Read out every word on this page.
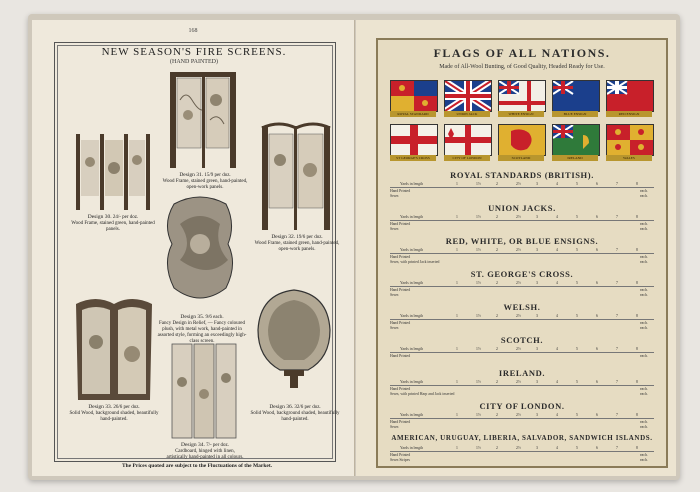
168
NEW SEASON'S FIRE SCREENS.
(HAND PAINTED)
Design 31. 15/9 per doz.
Wood Frame, stained green, hand-painted, open-work panels.
Design 30. 24/- per doz.
Wood Frame, stained green, hand-painted panels.
Design 32. 19/6 per doz.
Wood Frame, stained green, hand-painted, open-work panels.
Design 35. 9/6 each.
Fancy Design in Relief, — Fancy coloured plush, with metal work, hand-painted in assorted style, forming an exceedingly high-class screen.
Design 33. 26/6 per doz.
Solid Wood, background shaded, beautifully hand-painted.
Design 34. 7/- per doz.
Cardboard, hinged with linen, artistically hand-painted in all colours.
Design 36. 32/6 per doz.
Solid Wood, background shaded, beautifully hand-painted.
The Prices quoted are subject to the Fluctuations of the Market.
FLAGS OF ALL NATIONS.
Made of All-Wool Bunting, of Good Quality, Headed Ready for Use.
ROYAL STANDARD	UNION JACK	WHITE ENSIGN	BLUE ENSIGN	RED ENSIGN
ST GEORGE'S CROSS	CITY OF LONDON	SCOTLAND	IRELAND	WALES
ROYAL STANDARDS (BRITISH).
Yards in length	1	1½	2	2½	3	4	5	6	7	8
Hand Printed	each.
Sewn	each.
UNION JACKS.
Yards in length	1	1½	2	2½	3	4	5	6	7	8
Hand Printed	each.
Sewn	each.
RED, WHITE, OR BLUE ENSIGNS.
Yards in length	1	1½	2	2½	3	4	5	6	7	8
Hand Printed	each.
Sewn, with printed Jack inserted	each.
ST. GEORGE'S CROSS.
Yards in length	1	1½	2	2½	3	4	5	6	7	8
Hand Printed	each.
Sewn	each.
WELSH.
Yards in length	1	1½	2	2½	3	4	5	6	7	8
Hand Printed	each.
Sewn	each.
SCOTCH.
Yards in length	1	1½	2	2½	3	4	5	6	7	8
Hand Printed	each.
IRELAND.
Yards in length	1	1½	2	2½	3	4	5	6	7	8
Hand Printed	each.
Sewn, with printed Harp and Jack inserted	each.
CITY OF LONDON.
Yards in length	1	1½	2	2½	3	4	5	6	7	8
Hand Printed	each.
Sewn	each.
AMERICAN, URUGUAY, LIBERIA, SALVADOR, SANDWICH ISLANDS.
Yards in length	1	1½	2	2½	3	4	5	6	7	8
Hand Printed	each.
Sewn Stripes	each.
